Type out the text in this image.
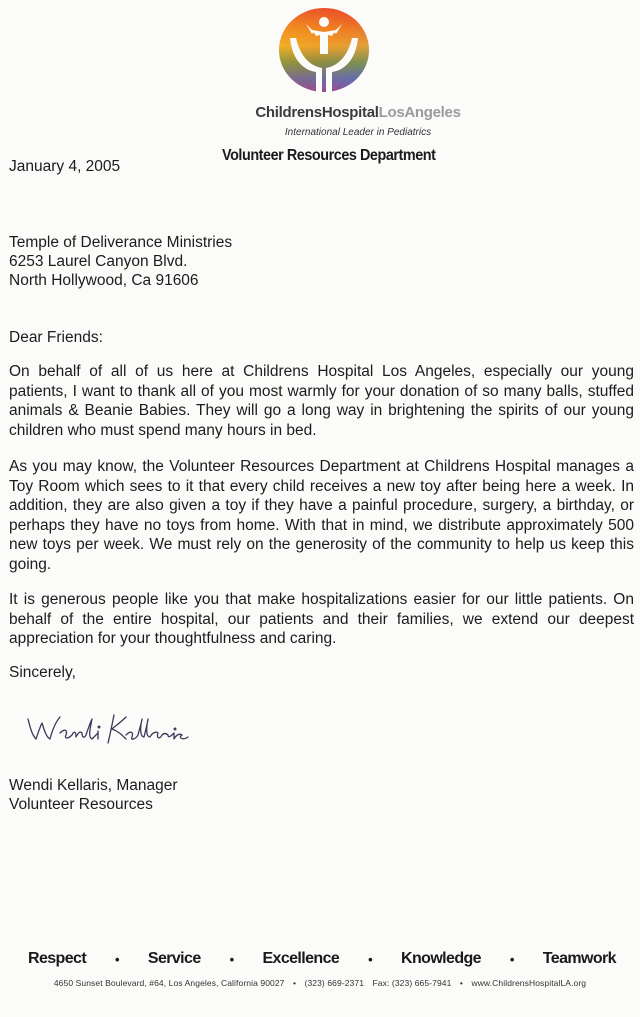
ChildrensHospitalLosAngeles
International Leader in Pediatrics
Volunteer Resources Department
January 4, 2005
Temple of Deliverance Ministries
6253 Laurel Canyon Blvd.
North Hollywood, Ca 91606
Dear Friends:

On behalf of all of us here at Childrens Hospital Los Angeles, especially our young patients, I want to thank all of you most warmly for your donation of so many balls, stuffed animals & Beanie Babies. They will go a long way in brightening the spirits of our young children who must spend many hours in bed.

As you may know, the Volunteer Resources Department at Childrens Hospital manages a Toy Room which sees to it that every child receives a new toy after being here a week. In addition, they are also given a toy if they have a painful procedure, surgery, a birthday, or perhaps they have no toys from home. With that in mind, we distribute approximately 500 new toys per week. We must rely on the generosity of the community to help us keep this going.

It is generous people like you that make hospitalizations easier for our little patients. On behalf of the entire hospital, our patients and their families, we extend our deepest appreciation for your thoughtfulness and caring.

Sincerely,
Wendi Kellaris, Manager
Volunteer Resources
Respect • Service • Excellence • Knowledge • Teamwork
4650 Sunset Boulevard, #64, Los Angeles, California 90027 • (323) 669-2371 Fax: (323) 665-7941 • www.ChildrensHospitalLA.org
